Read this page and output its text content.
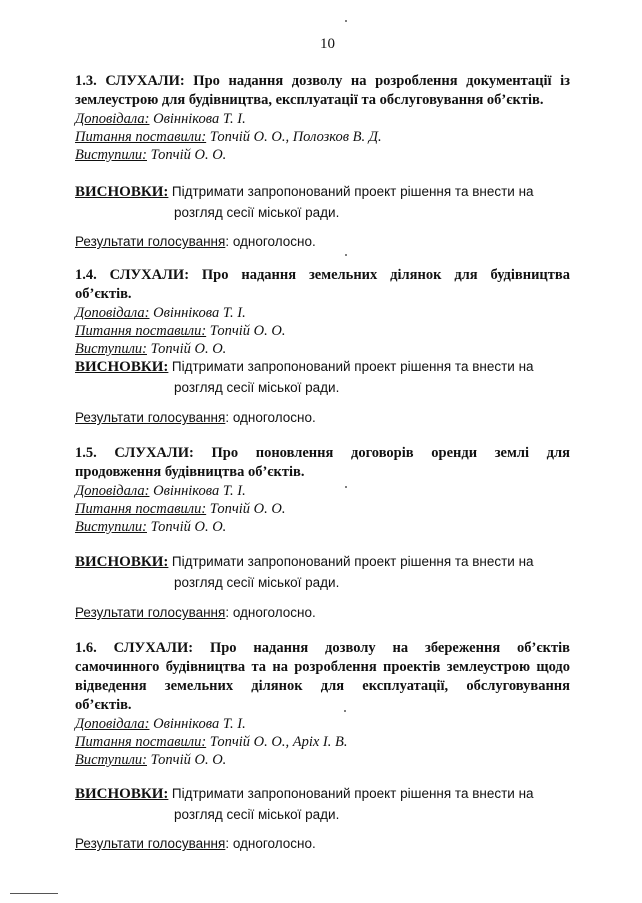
10
1.3. СЛУХАЛИ: Про надання дозволу на розроблення документації із
землеустрою для будівництва, експлуатації та обслуговування об’єктів.
Доповідала: Овіннікова Т. І.
Питання поставили: Топчій О. О., Полозков В. Д.
Виступили: Топчій О. О.
ВИСНОВКИ: Підтримати запропонований проект рішення та внести на
розгляд сесії міської ради.
Результати голосування: одноголосно.
1.4. СЛУХАЛИ: Про надання земельних ділянок для будівництва
об’єктів.
Доповідала: Овіннікова Т. І.
Питання поставили: Топчій О. О.
Виступили: Топчій О. О.
ВИСНОВКИ: Підтримати запропонований проект рішення та внести на
розгляд сесії міської ради.
Результати голосування: одноголосно.
1.5. СЛУХАЛИ: Про поновлення договорів оренди землі для
продовження будівництва об’єктів.
Доповідала: Овіннікова Т. І.
Питання поставили: Топчій О. О.
Виступили: Топчій О. О.
ВИСНОВКИ: Підтримати запропонований проект рішення та внести на
розгляд сесії міської ради.
Результати голосування: одноголосно.
1.6. СЛУХАЛИ: Про надання дозволу на збереження об’єктів
самочинного будівництва та на розроблення проектів землеустрою щодо
відведення земельних ділянок для експлуатації, обслуговування
об’єктів.
Доповідала: Овіннікова Т. І.
Питання поставили: Топчій О. О., Аріх І. В.
Виступили: Топчій О. О.
ВИСНОВКИ: Підтримати запропонований проект рішення та внести на
розгляд сесії міської ради.
Результати голосування: одноголосно.
